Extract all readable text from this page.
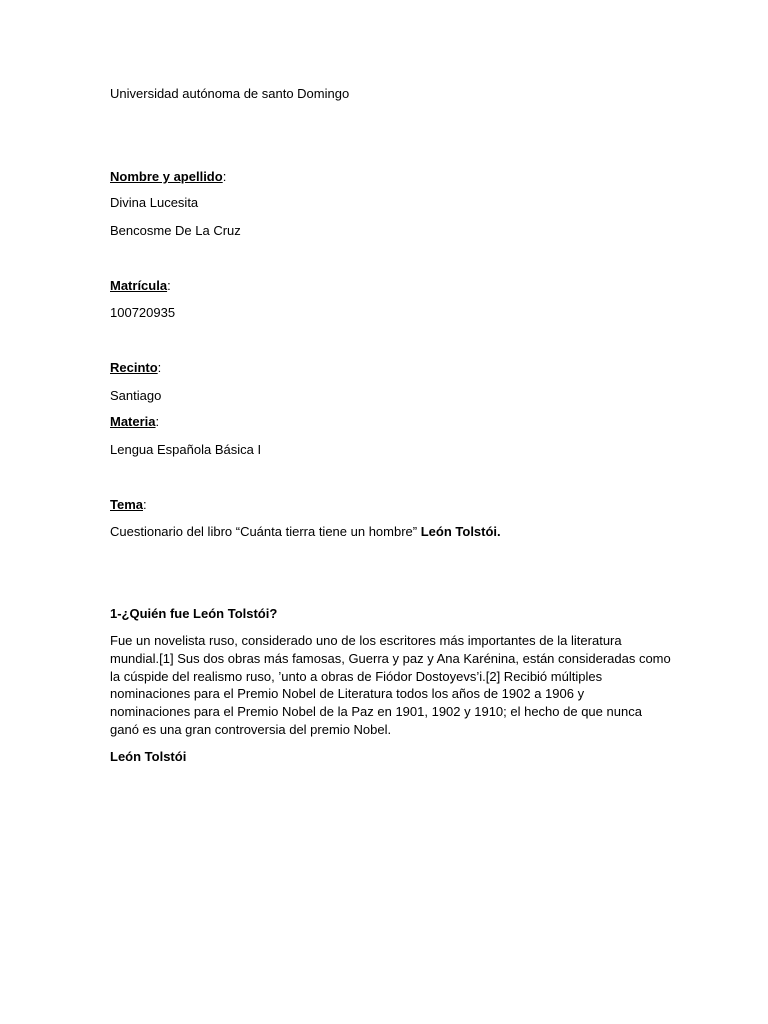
Universidad autónoma de santo Domingo
Nombre y apellido:
Divina Lucesita
Bencosme De La Cruz
Matrícula:
100720935
Recinto:
Santiago
Materia:
Lengua Española Básica I
Tema:
Cuestionario del libro “Cuánta tierra tiene un hombre” León Tolstói.
1-¿Quién fue León Tolstói?
Fue un novelista ruso, considerado uno de los escritores más importantes de la literatura
mundial.[1] Sus dos obras más famosas, Guerra y paz y Ana Karénina, están consideradas como
la cúspide del realismo ruso, ’unto a obras de Fiódor Dostoyevs’i.[2] Recibió múltiples
nominaciones para el Premio Nobel de Literatura todos los años de 1902 a 1906 y
nominaciones para el Premio Nobel de la Paz en 1901, 1902 y 1910; el hecho de que nunca
ganó es una gran controversia del premio Nobel.
León Tolstói
